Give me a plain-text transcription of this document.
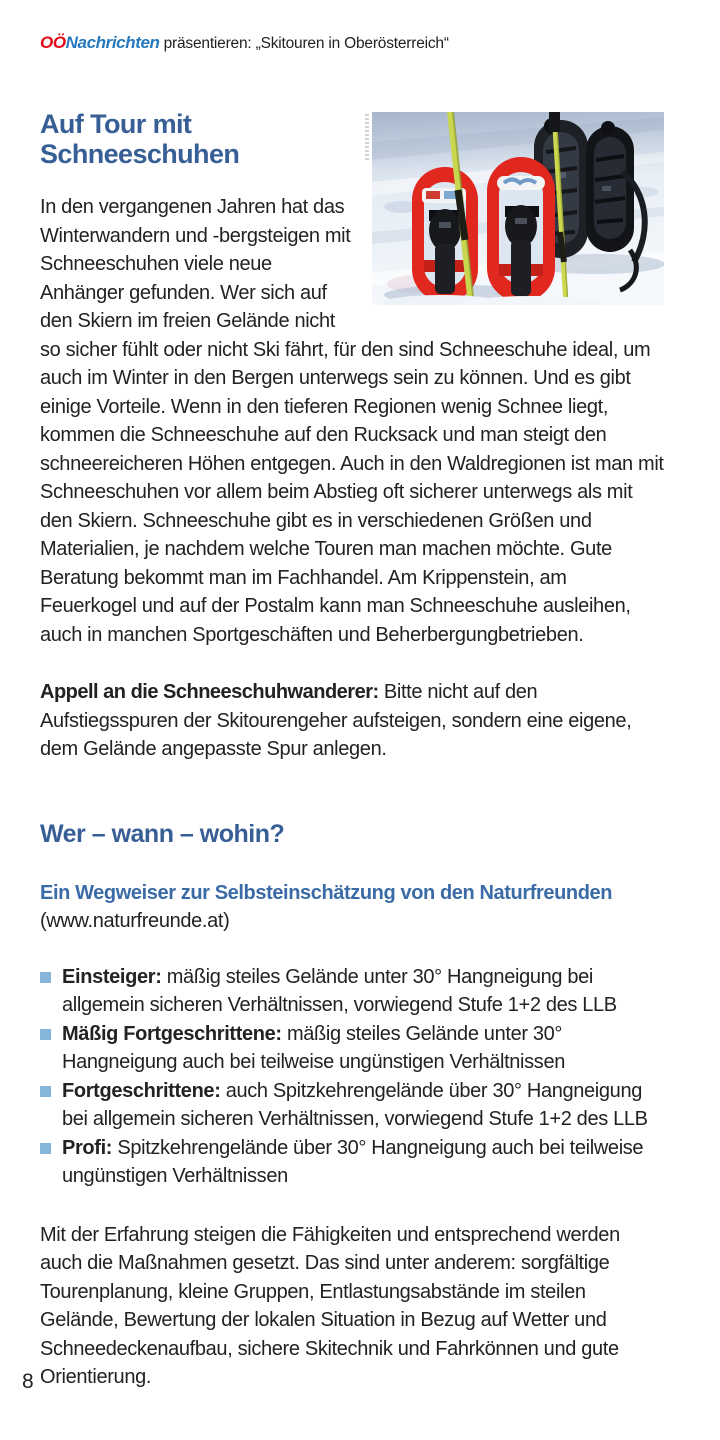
OÖNachrichten präsentieren: „Skitouren in Oberösterreich“
Auf Tour mit Schneeschuhen

In den vergangenen Jahren hat das Winterwandern und -bergsteigen mit Schneeschuhen viele neue Anhänger gefunden. Wer sich auf den Skiern im freien Gelände nicht so sicher fühlt oder nicht Ski fährt, für den sind Schneeschuhe ideal, um auch im Winter in den Bergen unterwegs sein zu können. Und es gibt einige Vorteile. Wenn in den tieferen Regionen wenig Schnee liegt, kommen die Schneeschuhe auf den Rucksack und man steigt den schneereicheren Höhen entgegen. Auch in den Waldregionen ist man mit Schneeschuhen vor allem beim Abstieg oft sicherer unterwegs als mit den Skiern. Schneeschuhe gibt es in verschiedenen Größen und Materialien, je nachdem welche Touren man machen möchte. Gute Beratung bekommt man im Fachhandel. Am Krippenstein, am Feuerkogel und auf der Postalm kann man Schneeschuhe ausleihen, auch in manchen Sportgeschäften und Beherbergungbetrieben.

Appell an die Schneeschuhwanderer: Bitte nicht auf den Aufstiegsspuren der Skitourengeher aufsteigen, sondern eine eigene, dem Gelände angepasste Spur anlegen.

Wer – wann – wohin?
Ein Wegweiser zur Selbsteinschätzung von den Naturfreunden
(www.naturfreunde.at)
Einsteiger: mäßig steiles Gelände unter 30° Hangneigung bei allgemein sicheren Verhältnissen, vorwiegend Stufe 1+2 des LLB
Mäßig Fortgeschrittene: mäßig steiles Gelände unter 30° Hangneigung auch bei teilweise ungünstigen Verhältnissen
Fortgeschrittene: auch Spitzkehrengelände über 30° Hangneigung bei allgemein sicheren Verhältnissen, vorwiegend Stufe 1+2 des LLB
Profi: Spitzkehrengelände über 30° Hangneigung auch bei teilweise ungünstigen Verhältnissen

Mit der Erfahrung steigen die Fähigkeiten und entsprechend werden auch die Maßnahmen gesetzt. Das sind unter anderem: sorgfältige Tourenplanung, kleine Gruppen, Entlastungsabstände im steilen Gelände, Bewertung der lokalen Situation in Bezug auf Wetter und Schneedeckenaufbau, sichere Skitechnik und Fahrkönnen und gute Orientierung.

8
